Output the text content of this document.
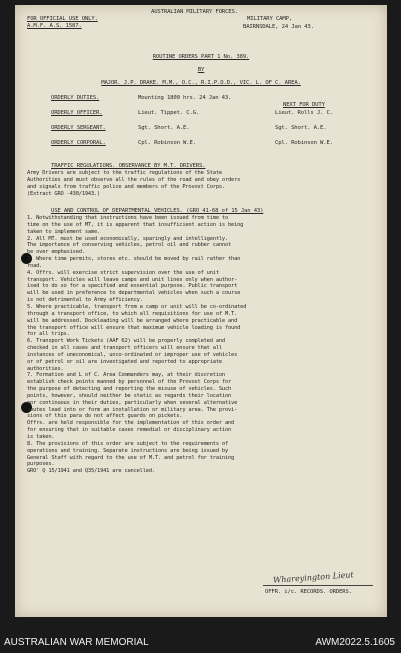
AUSTRALIAN MILITARY FORCES.
FOR OFFICIAL USE ONLY.	MILITARY CAMP,
A.M.F. A.S. 1587.	BAIRNSDALE, 24 Jan 43.
ROUTINE ORDERS PART 1 No. 389.
BY
MAJOR. J.P. DRAKE. M.M., O.C., R.I.P.O.D., VIC. L. OF C. AREA.
NEXT FOR DUTY
ORDERLY DUTIES.	Mounting 1800 hrs. 24 Jan 43.
ORDERLY OFFICER.	Lieut. Tippet. C.G.	Lieut. Rolls J. C.
ORDERLY SERGEANT.	Sgt. Short. A.E.	Sgt. Short. A.E.
ORDERLY CORPORAL.	Cpl. Robinson W.E.	Cpl. Robinson W.E.
TRAFFIC REGULATIONS. OBSERVANCE BY M.T. DRIVERS.
Army Drivers are subject to the traffic regulations of the State
Authorities and must observe all the rules of the road and obey orders
and signals from traffic police and members of the Provost Corps.
(Extract GRO -430/1943.)
USE AND CONTROL OF DEPARTMENTAL VEHICLES. (GRO 41-68 of 15 Jan 43)
1. Notwithstanding that instructions have been issued from time to
time on the use of MT, it is apparent that insufficient action is being
taken to implement same.
2. All MT. must be used economically, sparingly and intelligently.
The importance of conserving vehicles, petrol oil and rubber cannot
be over emphasised.
3. Where time permits, stores etc. should be moved by rail rather than
road.
4. Offrs. will exercise strict supervision over the use of unit
transport. Vehicles will leave camps and unit lines only when author-
ised to do so for a specified and essential purpose. Public transport
will be used in preference to departmental vehicles when such a course
is not detrimental to Army efficiency.
5. Where practicable, transport from a camp or unit will be co-ordinated
through a transport office, to which all requisitions for use of M.T.
will be addressed. Dockleading will be arranged where practicable and
the transport office will ensure that maximum vehicle loading is found
for all trips.
6. Transport Work Tickets (AAF 62) will be properly completed and
checked in all cases and transport officers will ensure that all
instances of uneconomical, unco-ordinated or improper use of vehicles
or of petrol or oil are investigated and reported to appropriate
authorities.
7. Formation and L of C. Area Commanders may, at their discretion
establish check points manned by personnel of the Provost Corps for
the purpose of detecting and reporting the misuse of vehicles. Such
points, however, should neither be static as regards their location
nor continuous in their duties, particularly when several alternative
routes lead into or form an installation or military area. The provi-
sions of this para do not affect guards on pickets.
Offrs. are held responsible for the implementation of this order and
for ensuring that in suitable cases remedial or disciplinary action
is taken.
8. The provisions of this order are subject to the requirements of
operations and training. Separate instructions are being issued by
General Staff with regard to the use of M.T. and petrol for training
purposes.
GRO' Q 15/1941 and Q35/1941 are cancelled.
Whareyington Lieut
OFFR. i/c. RECORDS. ORDERS.
AUSTRALIAN WAR MEMORIAL	AWM2022.5.1605
